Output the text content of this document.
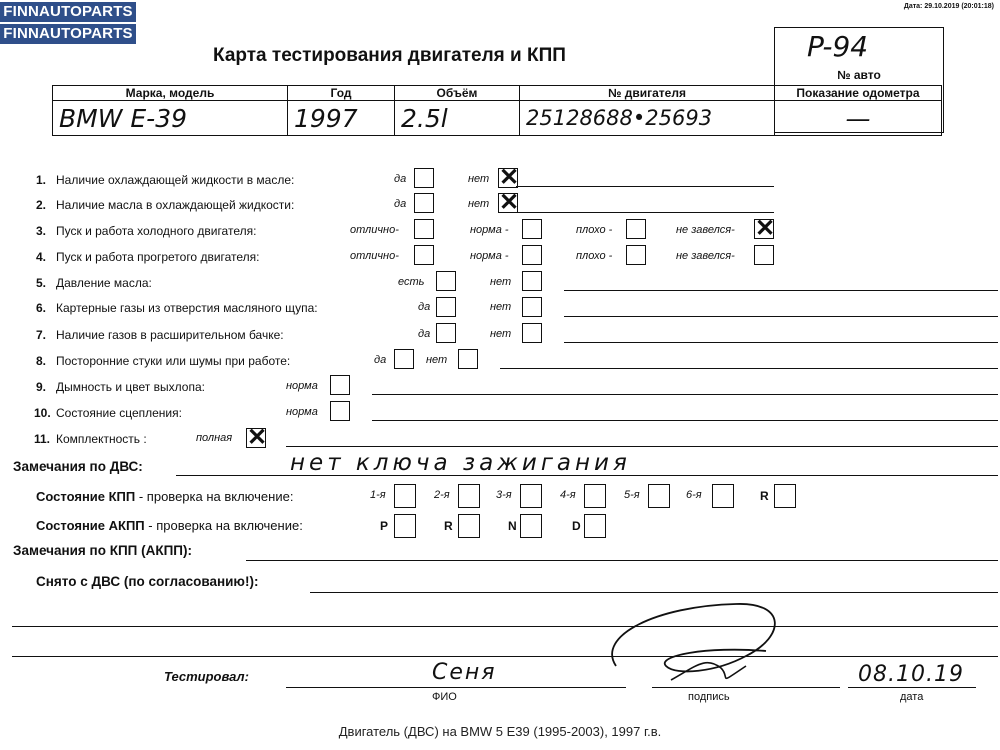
FINNAUTOPARTS
FINNAUTOPARTS
Дата: 29.10.2019 (20:01:18)
Карта тестирования двигателя и КПП	P-94
№ авто
Марка, модель	Год	Объём	№ двигателя	Показание одометра
ВМW E-39	1997	2.5l	25128688•25693	—
1. Наличие охлаждающей жидкости в масле:	да	нет ✕
2. Наличие масла в охлаждающей жидкости:	да	нет ✕
3. Пуск и работа холодного двигателя:	отлично-	норма -	плохо -	не завелся- ✕
4. Пуск и работа прогретого двигателя:	отлично-	норма -	плохо -	не завелся-
5. Давление масла:	есть	нет
6. Картерные газы из отверстия масляного щупа:	да	нет
7. Наличие газов в расширительном бачке:	да	нет
8. Посторонние стуки или шумы при работе:	да	нет
9. Дымность и цвет выхлопа:	норма
10. Состояние сцепления:	норма
11. Комплектность :	полная ✕
Замечания по ДВС:	нет ключа зажигания
Состояние КПП - проверка на включение:	1-я	2-я	3-я	4-я	5-я	6-я	R
Состояние АКПП - проверка на включение:	P	R	N	D
Замечания по КПП (АКПП):
Снято с ДВС (по согласованию!):
Тестировал:	Сеня
ФИО	подпись
08.10.19
дата
Двигатель (ДВС) на BMW 5 E39 (1995-2003), 1997 г.в.
